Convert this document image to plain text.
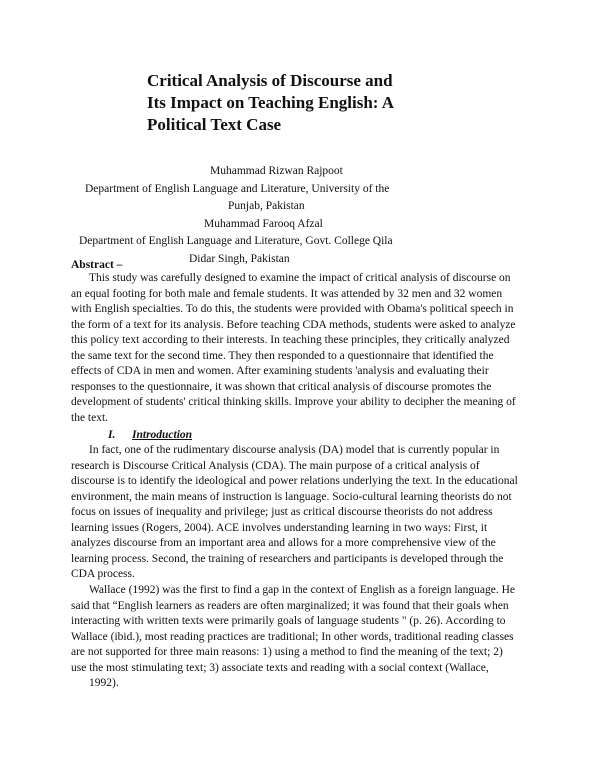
Critical Analysis of Discourse and
Its Impact on Teaching English: A
Political Text Case
Muhammad Rizwan Rajpoot
Department of English Language and Literature, University of the
Punjab, Pakistan
Muhammad Farooq Afzal
Department of English Language and Literature, Govt. College Qila
Didar Singh, Pakistan
Abstract –
This study was carefully designed to examine the impact of critical analysis of discourse on
an equal footing for both male and female students. It was attended by 32 men and 32 women
with English specialties. To do this, the students were provided with Obama's political speech in
the form of a text for its analysis. Before teaching CDA methods, students were asked to analyze
this policy text according to their interests. In teaching these principles, they critically analyzed
the same text for the second time. They then responded to a questionnaire that identified the
effects of CDA in men and women. After examining students 'analysis and evaluating their
responses to the questionnaire, it was shown that critical analysis of discourse promotes the
development of students' critical thinking skills. Improve your ability to decipher the meaning of
the text.
I. Introduction
In fact, one of the rudimentary discourse analysis (DA) model that is currently popular in
research is Discourse Critical Analysis (CDA). The main purpose of a critical analysis of
discourse is to identify the ideological and power relations underlying the text. In the educational
environment, the main means of instruction is language. Socio-cultural learning theorists do not
focus on issues of inequality and privilege; just as critical discourse theorists do not address
learning issues (Rogers, 2004). ACE involves understanding learning in two ways: First, it
analyzes discourse from an important area and allows for a more comprehensive view of the
learning process. Second, the training of researchers and participants is developed through the
CDA process.
Wallace (1992) was the first to find a gap in the context of English as a foreign language. He
said that “English learners as readers are often marginalized; it was found that their goals when
interacting with written texts were primarily goals of language students " (p. 26). According to
Wallace (ibid.), most reading practices are traditional; In other words, traditional reading classes
are not supported for three main reasons: 1) using a method to find the meaning of the text; 2)
use the most stimulating text; 3) associate texts and reading with a social context (Wallace,
1992).
